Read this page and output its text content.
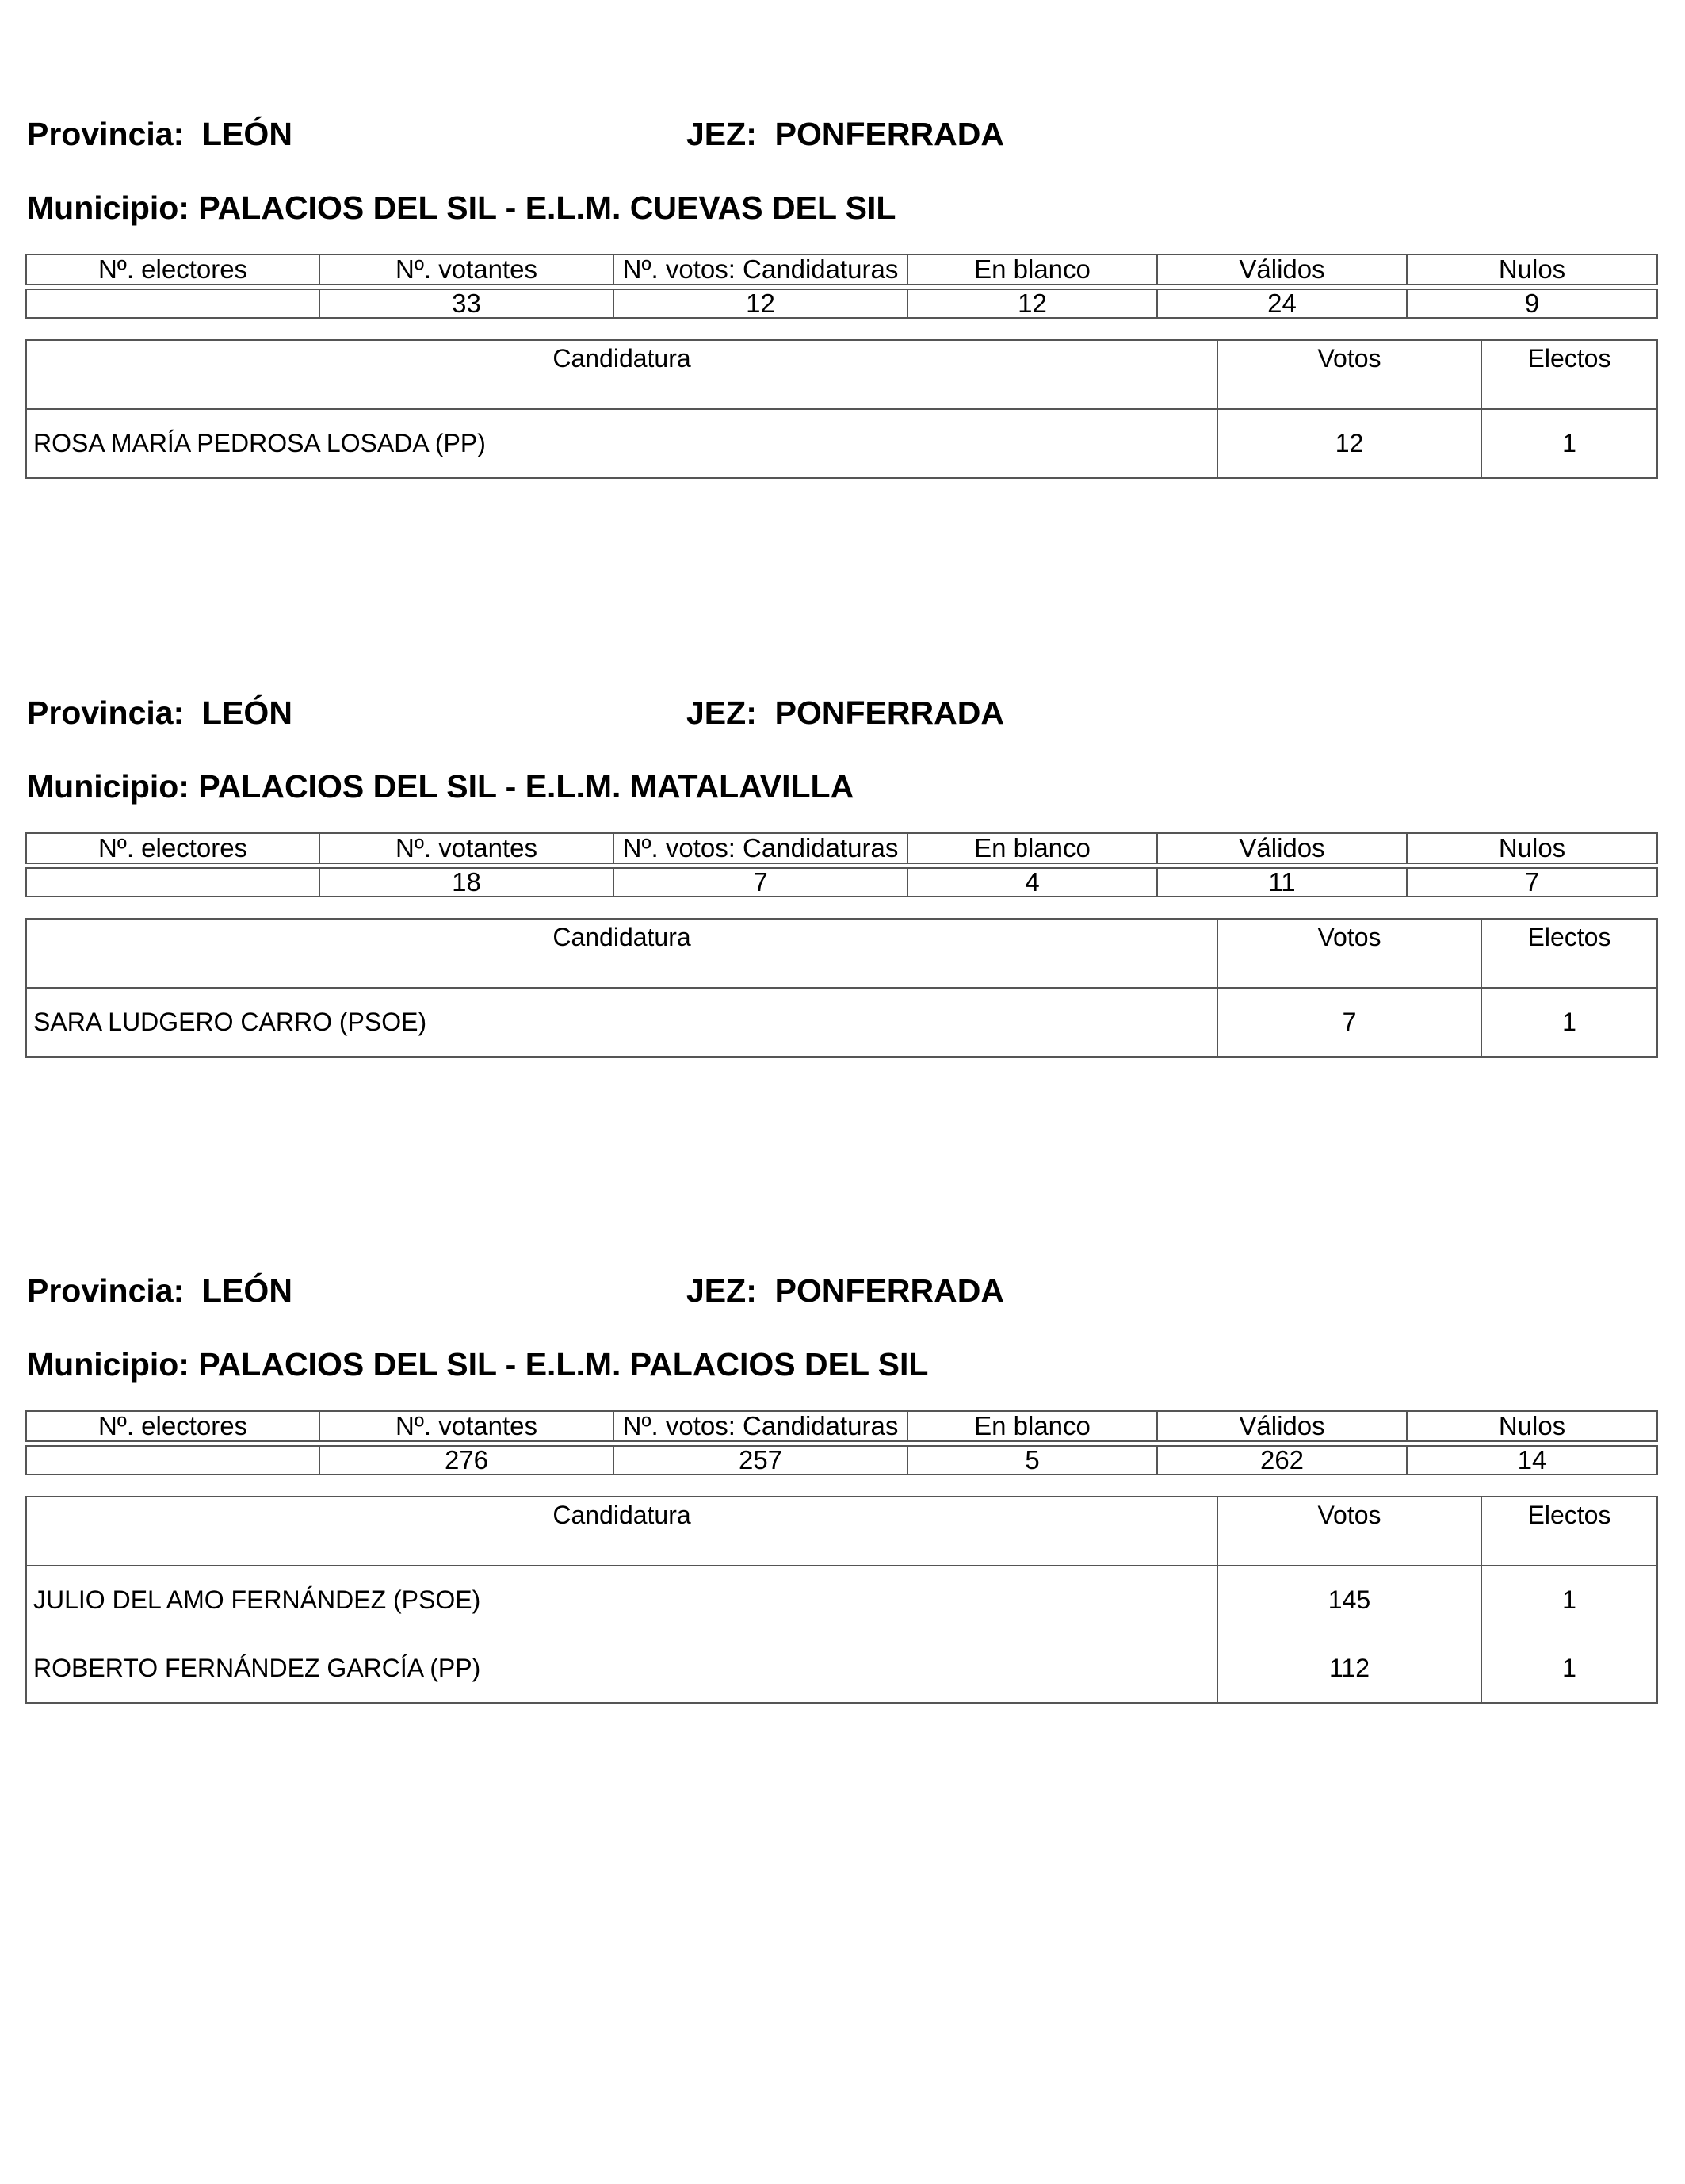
Provincia: LEÓN	JEZ: PONFERRADA
Municipio: PALACIOS DEL SIL - E.L.M. CUEVAS DEL SIL
Nº. electores	Nº. votantes	Nº. votos: Candidaturas	En blanco	Válidos	Nulos

	33	12	12	24	9
Candidatura	Votos	Electos
ROSA MARÍA PEDROSA LOSADA (PP)	12	1
Provincia: LEÓN	JEZ: PONFERRADA
Municipio: PALACIOS DEL SIL - E.L.M. MATALAVILLA
Nº. electores	Nº. votantes	Nº. votos: Candidaturas	En blanco	Válidos	Nulos

	18	7	4	11	7
Candidatura	Votos	Electos
SARA LUDGERO CARRO (PSOE)	7	1
Provincia: LEÓN	JEZ: PONFERRADA
Municipio: PALACIOS DEL SIL - E.L.M. PALACIOS DEL SIL
Nº. electores	Nº. votantes	Nº. votos: Candidaturas	En blanco	Válidos	Nulos

	276	257	5	262	14
Candidatura	Votos	Electos
JULIO DEL AMO FERNÁNDEZ (PSOE)	145	1
ROBERTO FERNÁNDEZ GARCÍA (PP)	112	1
